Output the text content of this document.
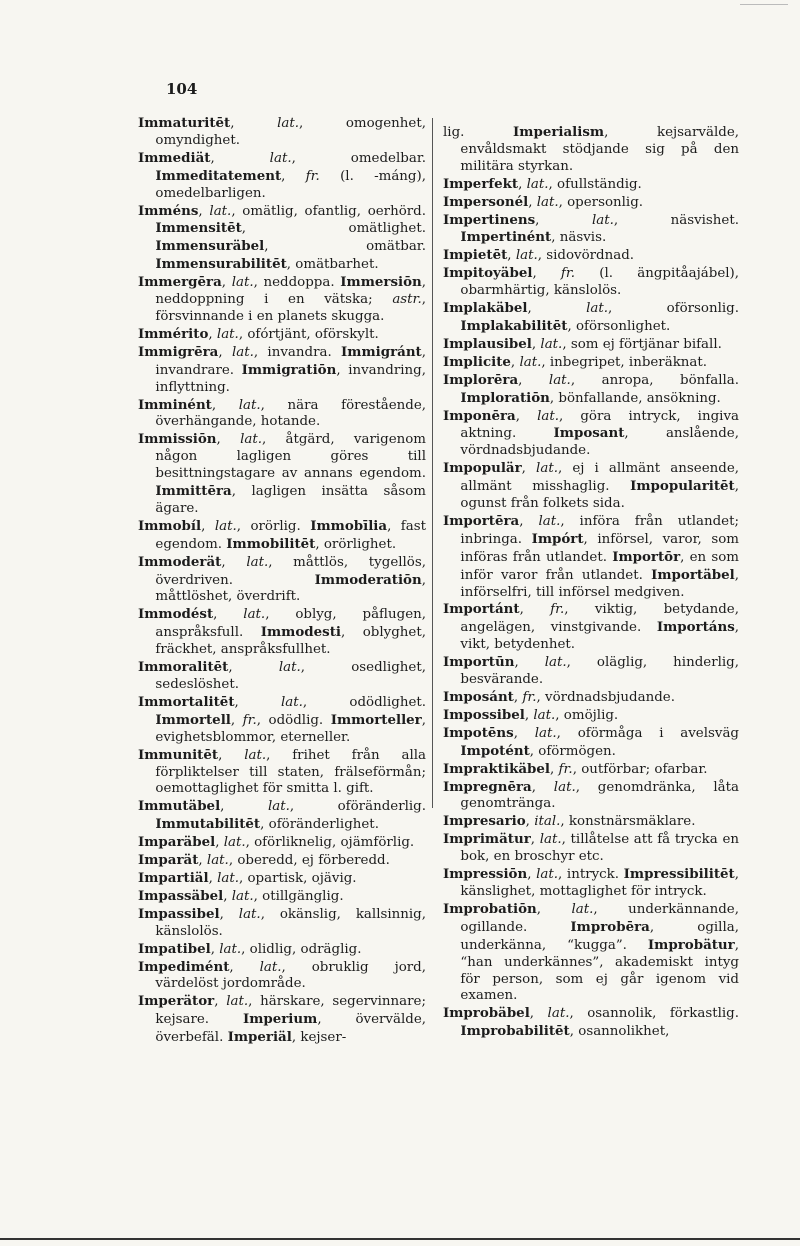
104

Immaturitēt, lat., omogenhet, omyndighet.

Immediät, lat., omedelbar. Immeditatement, fr. (l. -máng), omedelbarligen.

Imméns, lat., omätlig, ofantlig, oerhörd. Immensitēt, omätlighet. Immensuräbel, omätbar. Immensurabilitēt, omätbarhet.

Immergēra, lat., neddoppa. Immersiōn, neddoppning i en vätska; astr., försvinnande i en planets skugga.

Immérito, lat., ofórtjänt, oförskylt.

Immigrēra, lat., invandra. Immigránt, invandrare. Immigratiōn, invandring, inflyttning.

Imminént, lat., nära förestående, överhängande, hotande.

Immissiōn, lat., åtgärd, varigenom någon lagligen göres till besittningstagare av annans egendom. Immittēra, lagligen insätta såsom ägare.

Immobíl, lat., orörlig. Immobīlia, fast egendom. Immobilitēt, orörlighet.

Immoderät, lat., måttlös, tygellös, överdriven. Immoderatiōn, måttlöshet, överdrift.

Immodést, lat., oblyg, påflugen, anspråksfull. Immodesti, oblyghet, fräckhet, anspråksfullhet.

Immoralitēt, lat., osedlighet, sedeslöshet.

Immortalitēt, lat., odödlighet. Immortell, fr., odödlig. Immorteller, evighetsblommor, eterneller.

Immunitēt, lat., frihet från alla förpliktelser till staten, frälseförmån; oemottaglighet för smitta l. gift.

Immutäbel, lat., oföränderlig. Immutabilitēt, oföränderlighet.

Imparäbel, lat., oförliknelig, ojämförlig.

Imparät, lat., oberedd, ej förberedd.

Impartiäl, lat., opartisk, ojävig.

Impassäbel, lat., otillgänglig.

Impassibel, lat., okänslig, kallsinnig, känslolös.

Impatibel, lat., olidlig, odräglig.

Impedimént, lat., obruklig jord, värdelöst jordområde.

Imperätor, lat., härskare, segervinnare; kejsare. Imperium, övervälde, överbefäl. Imperiäl, kejser-

lig. Imperialism, kejsarvälde, envåldsmakt stödjande sig på den militära styrkan.

Imperfekt, lat., ofullständig.

Impersonél, lat., opersonlig.

Impertinens, lat., näsvishet. Impertinént, näsvis.

Impietēt, lat., sidovördnad.

Impitoyäbel, fr. (l. ängpitåajábel), obarmhärtig, känslolös.

Implakäbel, lat., oförsonlig. Implakabilitēt, oförsonlighet.

Implausibel, lat., som ej förtjänar bifall.

Implicite, lat., inbegripet, inberäknat.

Implorēra, lat., anropa, bönfalla. Imploratiōn, bönfallande, ansökning.

Imponēra, lat., göra intryck, ingiva aktning. Imposant, anslående, vördnadsbjudande.

Impopulär, lat., ej i allmänt anseende, allmänt misshaglig. Impopularitēt, ogunst från folkets sida.

Importēra, lat., införa från utlandet; inbringa. Impórt, införsel, varor, som införas från utlandet. Importōr, en som inför varor från utlandet. Importäbel, införselfri, till införsel medgiven.

Importánt, fr., viktig, betydande, angelägen, vinstgivande. Importáns, vikt, betydenhet.

Importūn, lat., oläglig, hinderlig, besvärande.

Imposánt, fr., vördnadsbjudande.

Impossibel, lat., omöjlig.

Impotēns, lat., oförmåga i avelsväg Impotént, oförmögen.

Impraktikäbel, fr., outförbar; ofarbar.

Impregnēra, lat., genomdränka, låta genomtränga.

Impresario, ital., konstnärsmäklare.

Imprimätur, lat., tillåtelse att få trycka en bok, en broschyr etc.

Impressiōn, lat., intryck. Impressibilitēt, känslighet, mottaglighet för intryck.

Improbatiōn, lat., underkännande, ogillande. Improbēra, ogilla, underkänna, “kugga”. Improbätur, “han underkännes”, akademiskt intyg för person, som ej går igenom vid examen.

Improbäbel, lat., osannolik, förkastlig. Improbabilitēt, osannolikhet,
